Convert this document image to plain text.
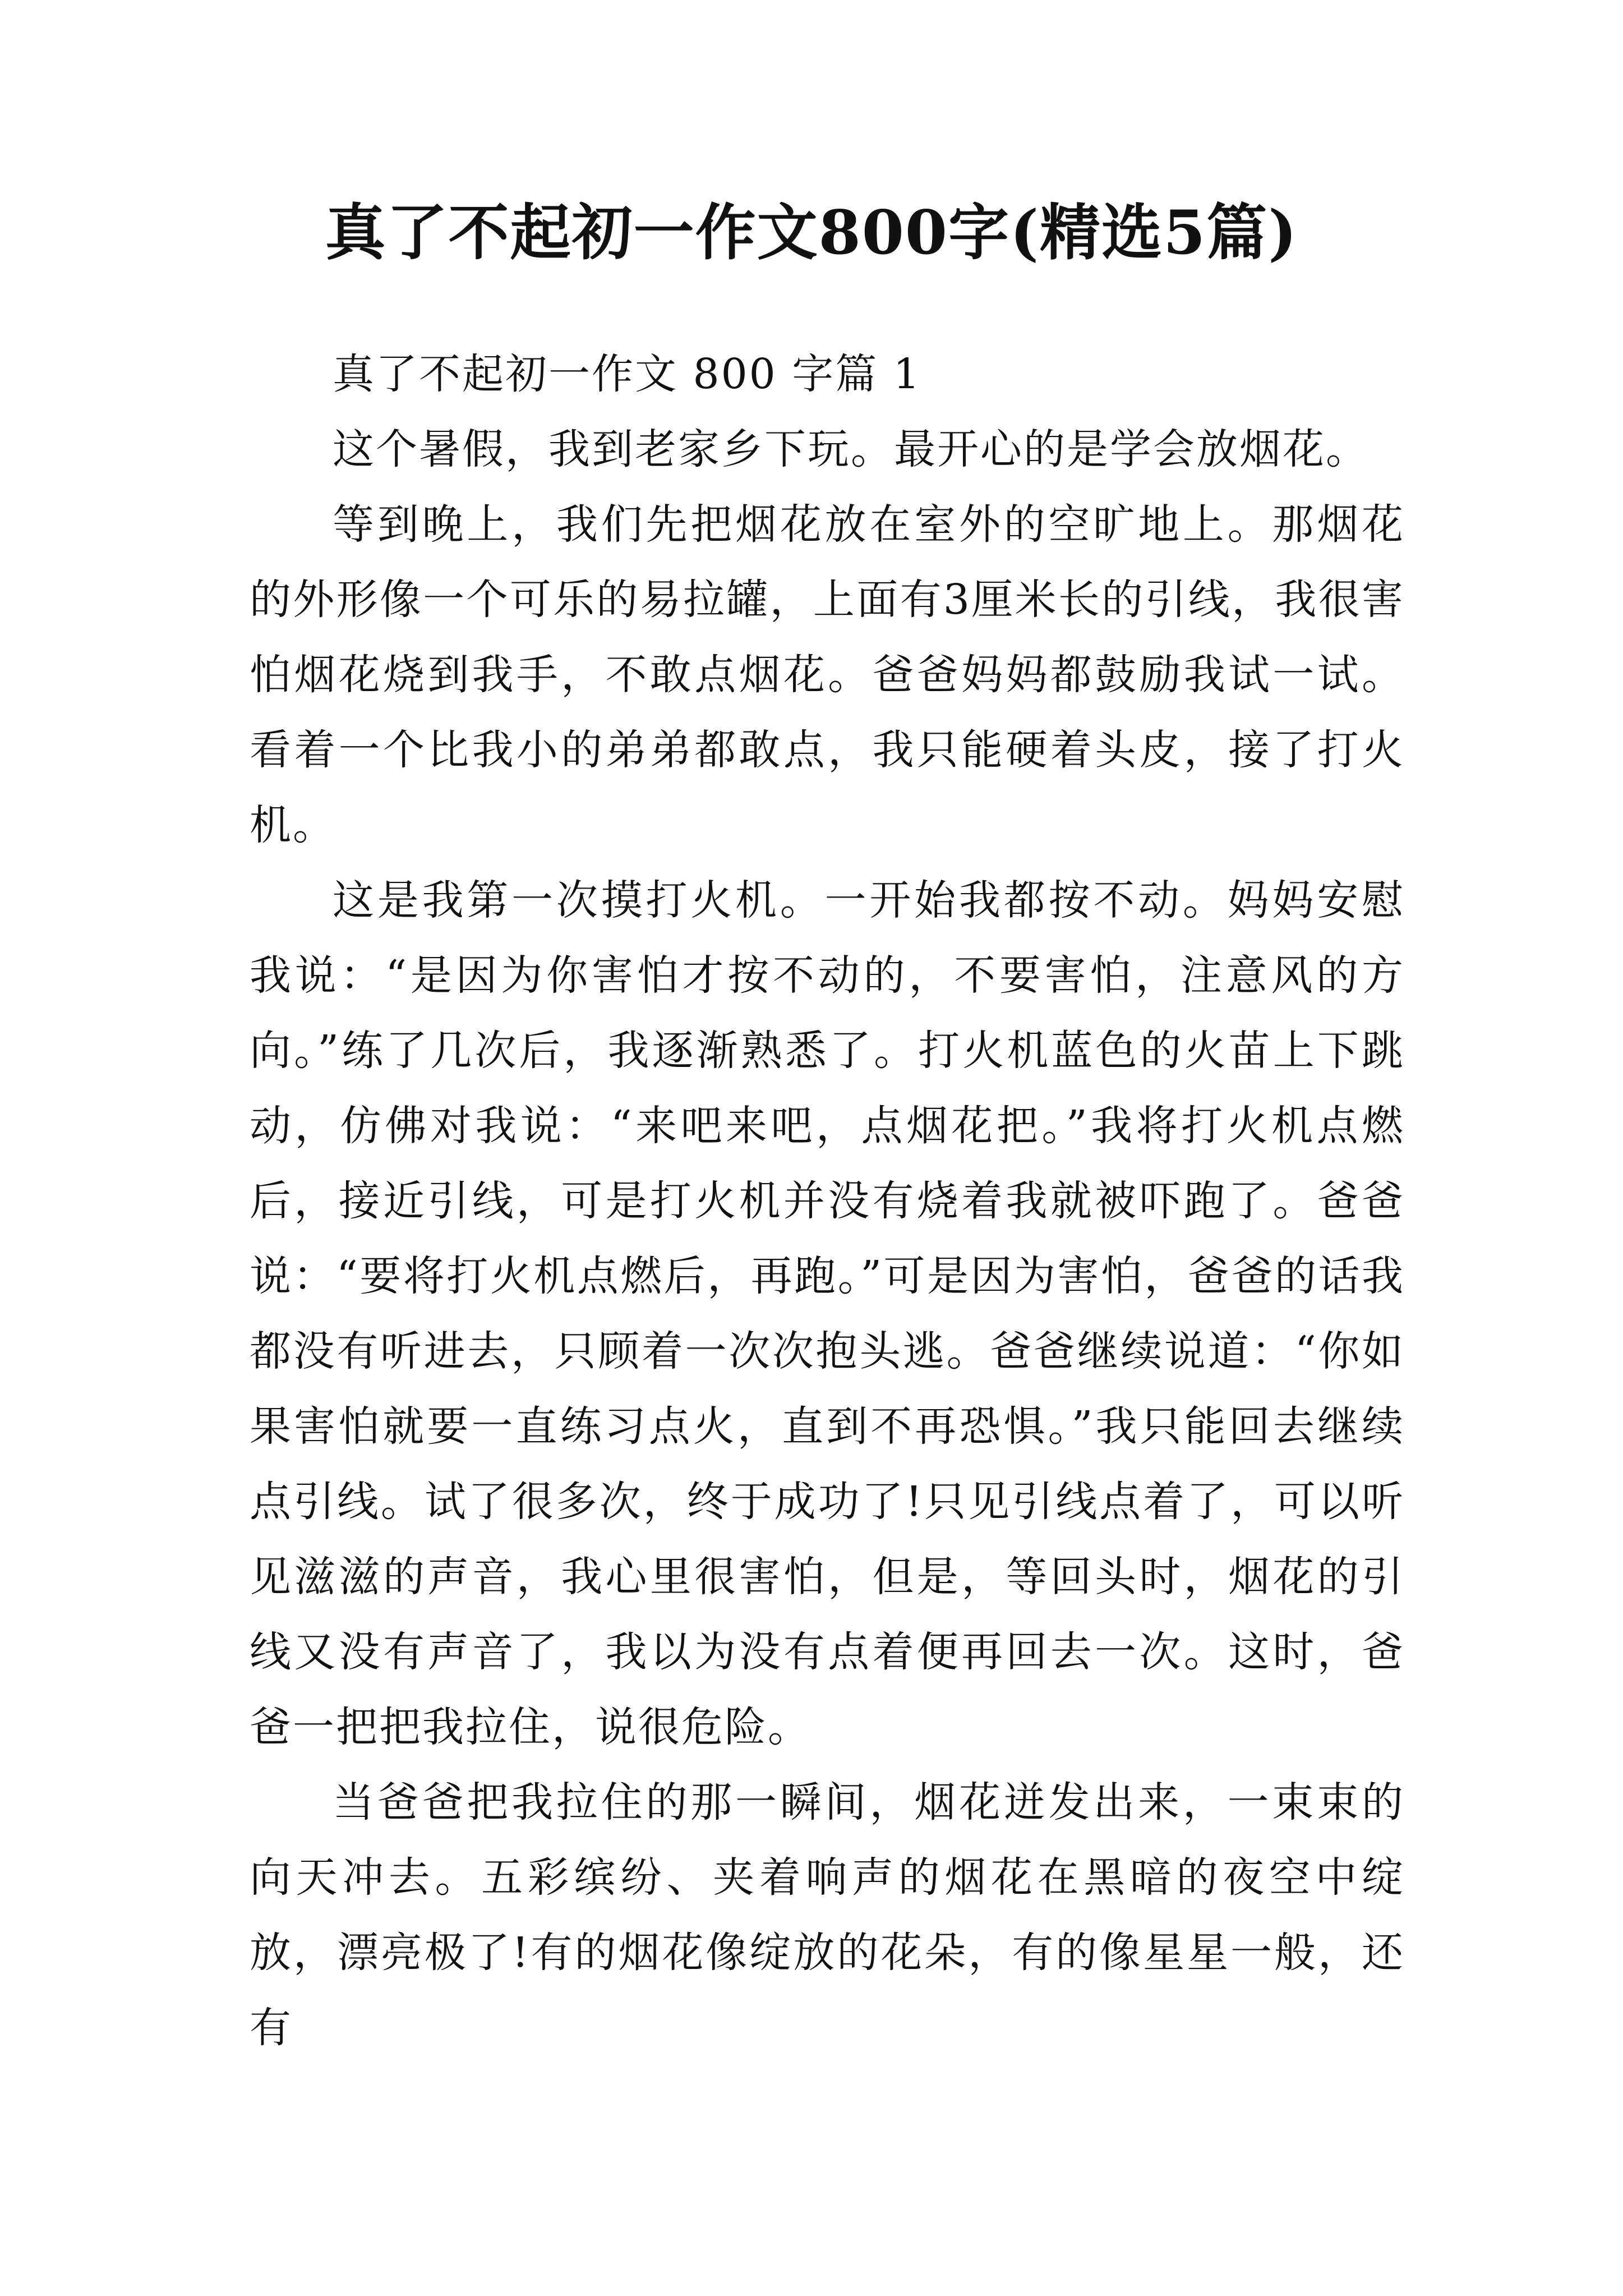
真了不起初一作文800字(精选5篇)

真了不起初一作文 800 字篇 1

这个暑假，我到老家乡下玩。最开心的是学会放烟花。

等到晚上，我们先把烟花放在室外的空旷地上。那烟花的外形像一个可乐的易拉罐，上面有3厘米长的引线，我很害怕烟花烧到我手，不敢点烟花。爸爸妈妈都鼓励我试一试。看着一个比我小的弟弟都敢点，我只能硬着头皮，接了打火机。

这是我第一次摸打火机。一开始我都按不动。妈妈安慰我说：“是因为你害怕才按不动的，不要害怕，注意风的方向。”练了几次后，我逐渐熟悉了。打火机蓝色的火苗上下跳动，仿佛对我说：“来吧来吧，点烟花把。”我将打火机点燃后，接近引线，可是打火机并没有烧着我就被吓跑了。爸爸说：“要将打火机点燃后，再跑。”可是因为害怕，爸爸的话我都没有听进去，只顾着一次次抱头逃。爸爸继续说道：“你如果害怕就要一直练习点火，直到不再恐惧。”我只能回去继续点引线。试了很多次，终于成功了!只见引线点着了，可以听见滋滋的声音，我心里很害怕，但是，等回头时，烟花的引线又没有声音了，我以为没有点着便再回去一次。这时，爸爸一把把我拉住，说很危险。

当爸爸把我拉住的那一瞬间，烟花迸发出来，一束束的向天冲去。五彩缤纷、夹着响声的烟花在黑暗的夜空中绽放，漂亮极了!有的烟花像绽放的花朵，有的像星星一般，还有
